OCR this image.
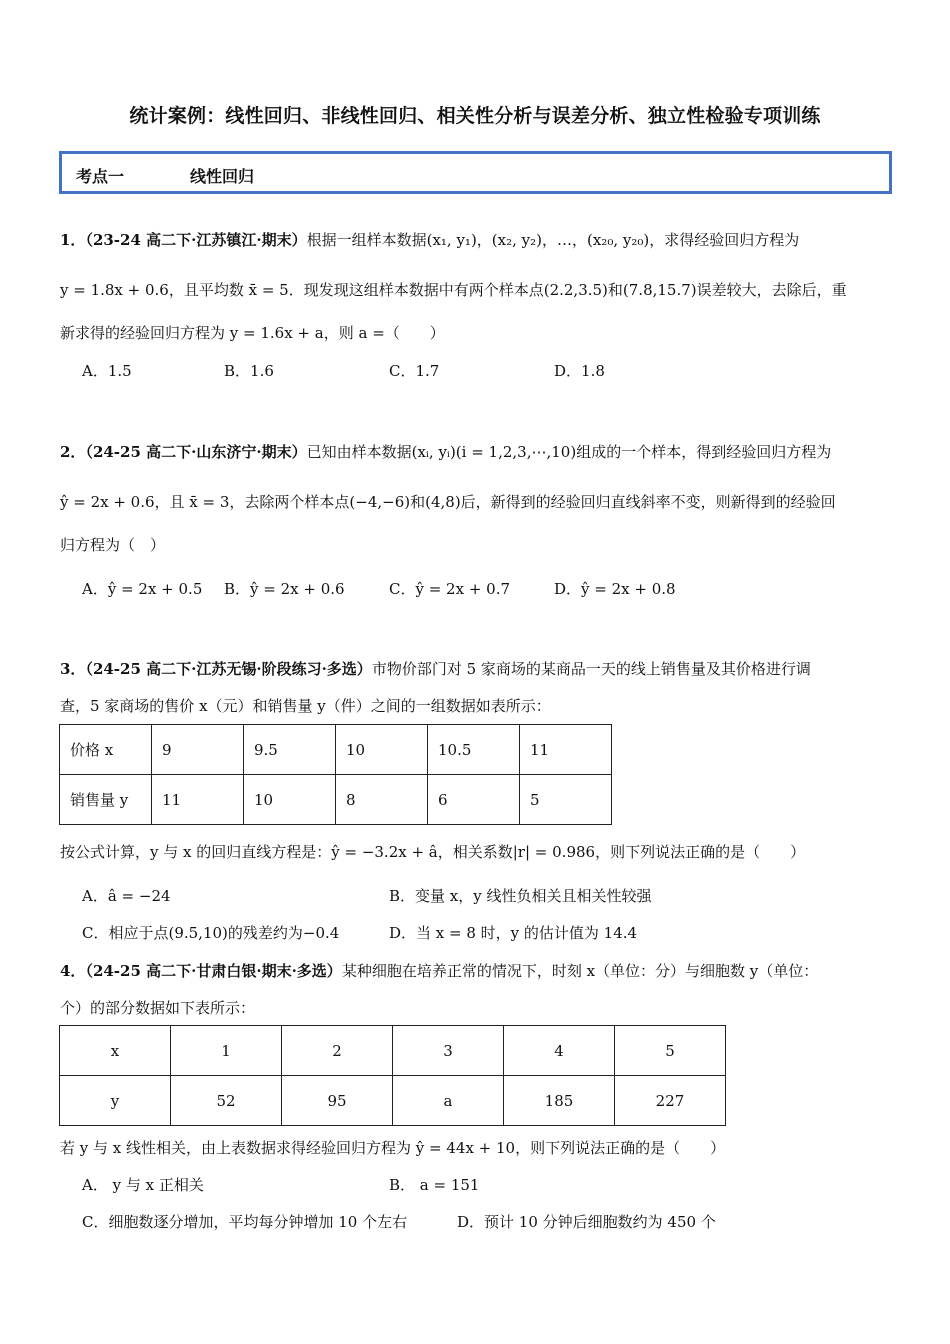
统计案例：线性回归、非线性回归、相关性分析与误差分析、独立性检验专项训练
考点一	线性回归
1．（23-24 高二下·江苏镇江·期末）根据一组样本数据(x₁, y₁)，(x₂, y₂)，…，(x₂₀, y₂₀)，求得经验回归方程为
y = 1.8x + 0.6，且平均数 x̄ = 5．现发现这组样本数据中有两个样本点(2.2,3.5)和(7.8,15.7)误差较大，去除后，重
新求得的经验回归方程为 y = 1.6x + a，则 a =（　　）
A．1.5	B．1.6	C．1.7	D．1.8
2．（24-25 高二下·山东济宁·期末）已知由样本数据(xᵢ, yᵢ)(i = 1,2,3,⋯,10)组成的一个样本，得到经验回归方程为
ŷ = 2x + 0.6，且 x̄ = 3，去除两个样本点(−4,−6)和(4,8)后，新得到的经验回归直线斜率不变，则新得到的经验回
归方程为（　）
A．ŷ = 2x + 0.5 B．ŷ = 2x + 0.6	C．ŷ = 2x + 0.7	D．ŷ = 2x + 0.8
3．（24-25 高二下·江苏无锡·阶段练习·多选）市物价部门对 5 家商场的某商品一天的线上销售量及其价格进行调
查，5 家商场的售价 x（元）和销售量 y（件）之间的一组数据如表所示：
价格 x	9	9.5	10	10.5	11
销售量 y	11	10	8	6	5
按公式计算，y 与 x 的回归直线方程是：ŷ = −3.2x + â，相关系数|r| = 0.986，则下列说法正确的是（　　）
A．â = −24	B．变量 x，y 线性负相关且相关性较强
C．相应于点(9.5,10)的残差约为−0.4	D．当 x = 8 时，y 的估计值为 14.4
4．（24-25 高二下·甘肃白银·期末·多选）某种细胞在培养正常的情况下，时刻 x（单位：分）与细胞数 y（单位：
个）的部分数据如下表所示：
x	1	2	3	4	5
y	52	95	a	185	227
若 y 与 x 线性相关，由上表数据求得经验回归方程为 ŷ = 44x + 10，则下列说法正确的是（　　）
A． y 与 x 正相关	B． a = 151
C．细胞数逐分增加，平均每分钟增加 10 个左右	D．预计 10 分钟后细胞数约为 450 个
